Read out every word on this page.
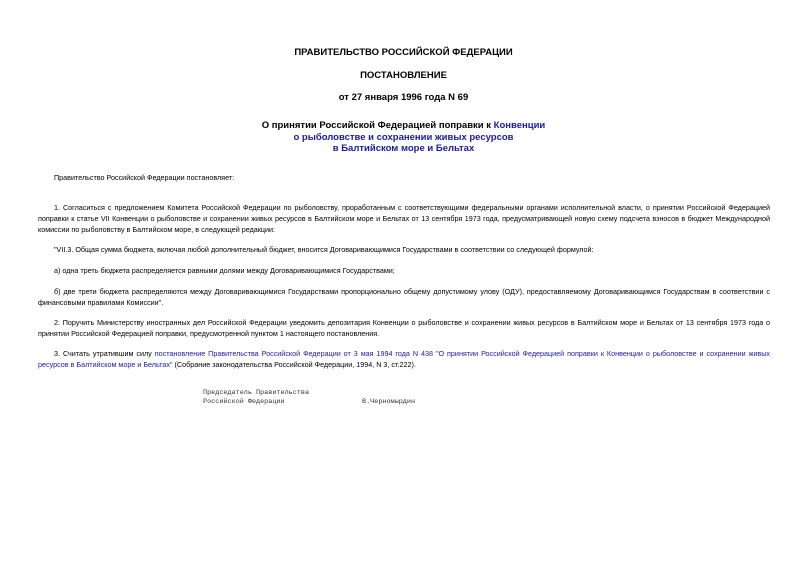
ПРАВИТЕЛЬСТВО РОССИЙСКОЙ ФЕДЕРАЦИИ
ПОСТАНОВЛЕНИЕ
от 27 января 1996 года N 69
О принятии Российской Федерацией поправки к Конвенции
о рыболовстве и сохранении живых ресурсов
в Балтийском море и Бельтах
Правительство Российской Федерации постановляет:
1. Согласиться с предложением Комитета Российской Федерации по рыболовству, проработанным с соответствующими федеральными органами исполнительной власти, о принятии Российской Федерацией поправки к статье VII Конвенции о рыболовстве и сохранении живых ресурсов в Балтийском море и Бельтах от 13 сентября 1973 года, предусматривающей новую схему подсчета взносов в бюджет Международной комиссии по рыболовству в Балтийском море, в следующей редакции:
"VII.3. Общая сумма бюджета, включая любой дополнительный бюджет, вносится Договаривающимися Государствами в соответствии со следующей формулой:
а) одна треть бюджета распределяется равными долями между Договаривающимися Государствами;
б) две трети бюджета распределяются между Договаривающимися Государствами пропорционально общему допустимому улову (ОДУ), предоставляемому Договаривающимся Государствам в соответствии с финансовыми правилами Комиссии".
2. Поручить Министерству иностранных дел Российской Федерации уведомить депозитария Конвенции о рыболовстве и сохранении живых ресурсов в Балтийском море и Бельтах от 13 сентября 1973 года о принятии Российской Федерацией поправки, предусмотренной пунктом 1 настоящего постановления.
3. Считать утратившим силу постановление Правительства Российской Федерации от 3 мая 1994 года N 438 "О принятии Российской Федерацией поправки к Конвенции о рыболовстве и сохранении живых ресурсов в Балтийском море и Бельтах" (Собрание законодательства Российской Федерации, 1994, N 3, ст.222).
Председатель Правительства
Российской Федерации	В.Черномырдин
